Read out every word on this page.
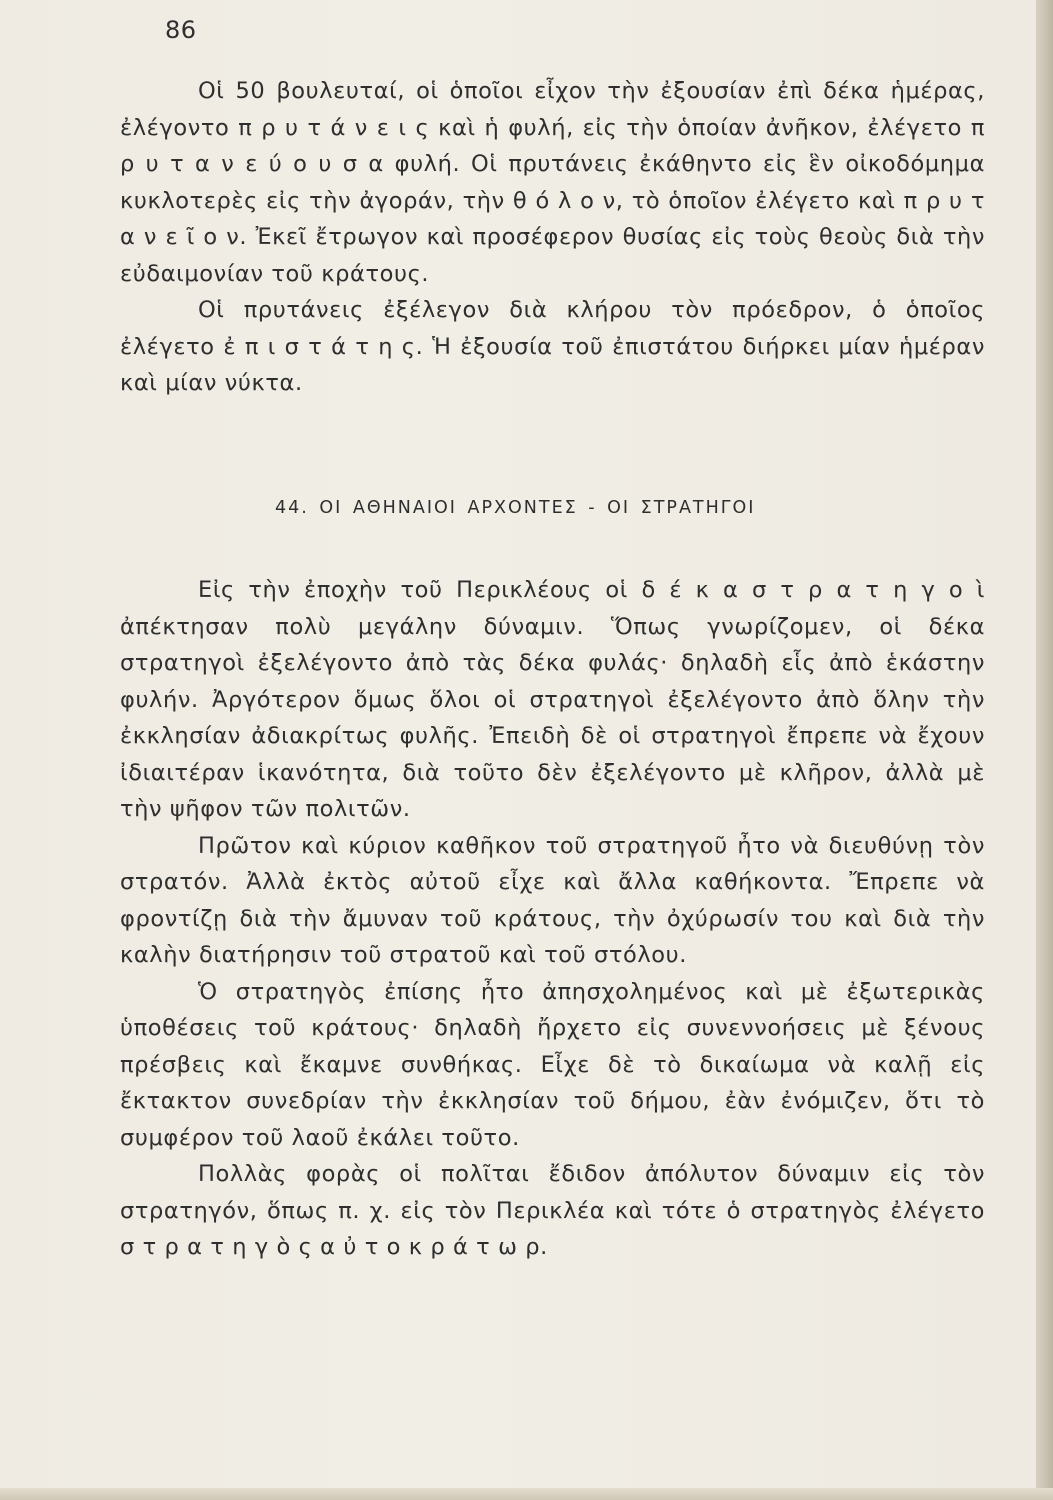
86

Οἱ 50 βουλευταί, οἱ ὁποῖοι εἶχον τὴν ἐξουσίαν ἐπὶ δέκα ἡμέρας, ἐλέγοντο π ρ υ τ ά ν ε ι ς καὶ ἡ φυλή, εἰς τὴν ὁποίαν ἀνῆκον, ἐλέγετο π ρ υ τ α ν ε ύ ο υ σ α φυλή. Οἱ πρυτάνεις ἐκάθηντο εἰς ἓν οἰκοδόμημα κυκλοτερὲς εἰς τὴν ἀγοράν, τὴν θ ό λ ο ν, τὸ ὁποῖον ἐλέγετο καὶ π ρ υ τ α ν ε ῖ ο ν. Ἐκεῖ ἔτρωγον καὶ προσέφερον θυσίας εἰς τοὺς θεοὺς διὰ τὴν εὐδαιμονίαν τοῦ κράτους.

Οἱ πρυτάνεις ἐξέλεγον διὰ κλήρου τὸν πρόεδρον, ὁ ὁποῖος ἐλέγετο ἐ π ι σ τ ά τ η ς. Ἡ ἐξουσία τοῦ ἐπιστάτου διήρκει μίαν ἡμέραν καὶ μίαν νύκτα.

44. ΟΙ ΑΘΗΝΑΙΟΙ ΑΡΧΟΝΤΕΣ - ΟΙ ΣΤΡΑΤΗΓΟΙ

Εἰς τὴν ἐποχὴν τοῦ Περικλέους οἱ δ έ κ α σ τ ρ α τ η γ ο ὶ ἀπέκτησαν πολὺ μεγάλην δύναμιν. Ὅπως γνωρίζομεν, οἱ δέκα στρατηγοὶ ἐξελέγοντο ἀπὸ τὰς δέκα φυλάς· δηλαδὴ εἷς ἀπὸ ἑκάστην φυλήν. Ἀργότερον ὅμως ὅλοι οἱ στρατηγοὶ ἐξελέγοντο ἀπὸ ὅλην τὴν ἐκκλησίαν ἀδιακρίτως φυλῆς. Ἐπειδὴ δὲ οἱ στρατηγοὶ ἔπρεπε νὰ ἔχουν ἰδιαιτέραν ἱκανότητα, διὰ τοῦτο δὲν ἐξελέγοντο μὲ κλῆρον, ἀλλὰ μὲ τὴν ψῆφον τῶν πολιτῶν.

Πρῶτον καὶ κύριον καθῆκον τοῦ στρατηγοῦ ἦτο νὰ διευθύνῃ τὸν στρατόν. Ἀλλὰ ἐκτὸς αὐτοῦ εἶχε καὶ ἄλλα καθήκοντα. Ἔπρεπε νὰ φροντίζῃ διὰ τὴν ἄμυναν τοῦ κράτους, τὴν ὀχύρωσίν του καὶ διὰ τὴν καλὴν διατήρησιν τοῦ στρατοῦ καὶ τοῦ στόλου.

Ὁ στρατηγὸς ἐπίσης ἦτο ἀπησχολημένος καὶ μὲ ἐξωτερικὰς ὑποθέσεις τοῦ κράτους· δηλαδὴ ἤρχετο εἰς συνεννοήσεις μὲ ξένους πρέσβεις καὶ ἔκαμνε συνθήκας. Εἶχε δὲ τὸ δικαίωμα νὰ καλῇ εἰς ἔκτακτον συνεδρίαν τὴν ἐκκλησίαν τοῦ δήμου, ἐὰν ἐνόμιζεν, ὅτι τὸ συμφέρον τοῦ λαοῦ ἐκάλει τοῦτο.

Πολλὰς φορὰς οἱ πολῖται ἔδιδον ἀπόλυτον δύναμιν εἰς τὸν στρατηγόν, ὅπως π. χ. εἰς τὸν Περικλέα καὶ τότε ὁ στρατηγὸς ἐλέγετο σ τ ρ α τ η γ ὸ ς α ὐ τ ο κ ρ ά τ ω ρ.
